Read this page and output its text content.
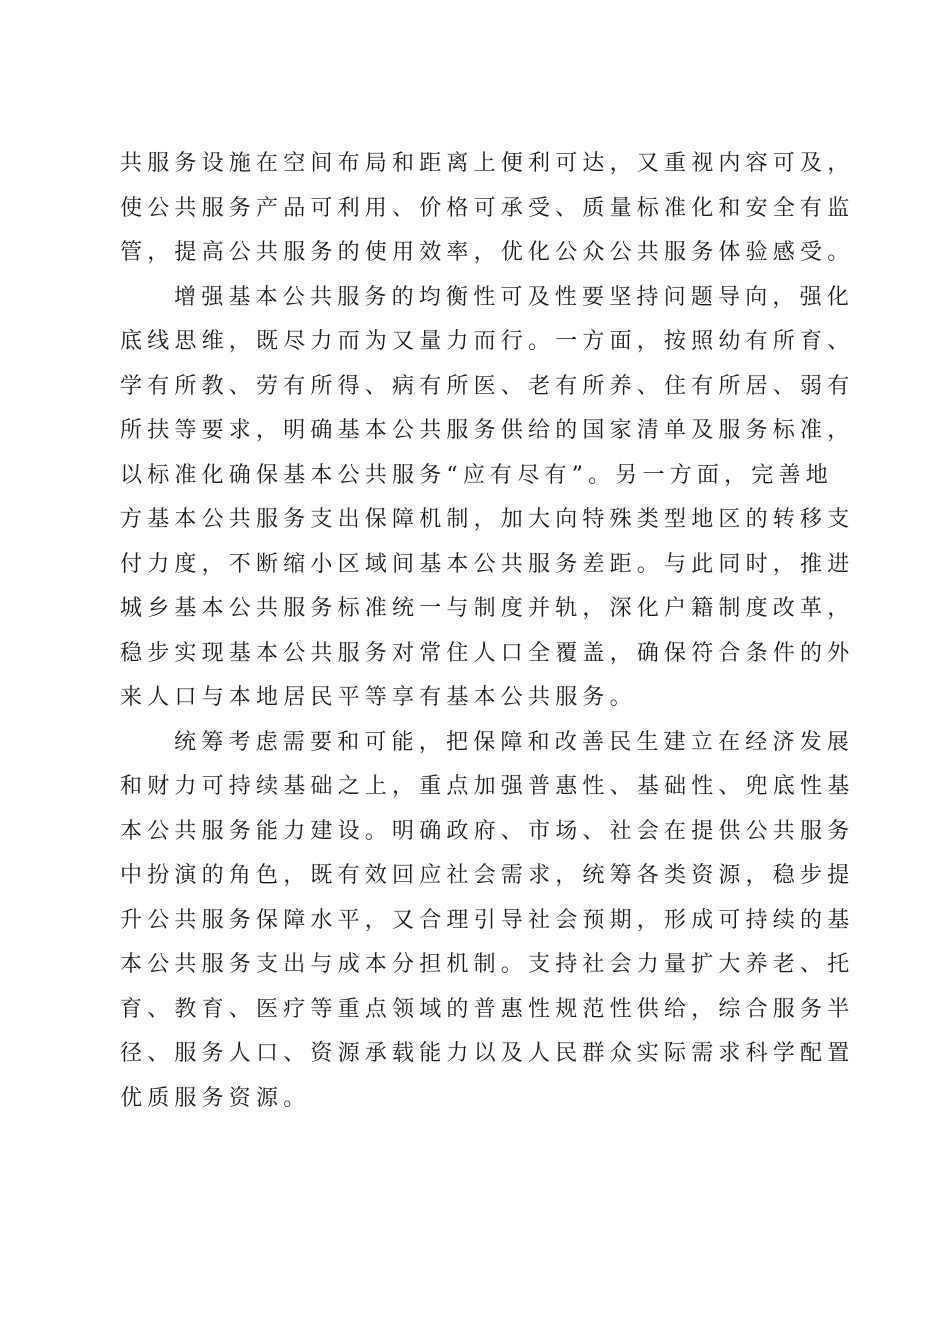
共服务设施在空间布局和距离上便利可达，又重视内容可及，
使公共服务产品可利用、价格可承受、质量标准化和安全有监
管，提高公共服务的使用效率，优化公众公共服务体验感受。
增强基本公共服务的均衡性可及性要坚持问题导向，强化
底线思维，既尽力而为又量力而行。一方面，按照幼有所育、
学有所教、劳有所得、病有所医、老有所养、住有所居、弱有
所扶等要求，明确基本公共服务供给的国家清单及服务标准，
以标准化确保基本公共服务“应有尽有”。另一方面，完善地
方基本公共服务支出保障机制，加大向特殊类型地区的转移支
付力度，不断缩小区域间基本公共服务差距。与此同时，推进
城乡基本公共服务标准统一与制度并轨，深化户籍制度改革，
稳步实现基本公共服务对常住人口全覆盖，确保符合条件的外
来人口与本地居民平等享有基本公共服务。
统筹考虑需要和可能，把保障和改善民生建立在经济发展
和财力可持续基础之上，重点加强普惠性、基础性、兜底性基
本公共服务能力建设。明确政府、市场、社会在提供公共服务
中扮演的角色，既有效回应社会需求，统筹各类资源，稳步提
升公共服务保障水平，又合理引导社会预期，形成可持续的基
本公共服务支出与成本分担机制。支持社会力量扩大养老、托
育、教育、医疗等重点领域的普惠性规范性供给，综合服务半
径、服务人口、资源承载能力以及人民群众实际需求科学配置
优质服务资源。
